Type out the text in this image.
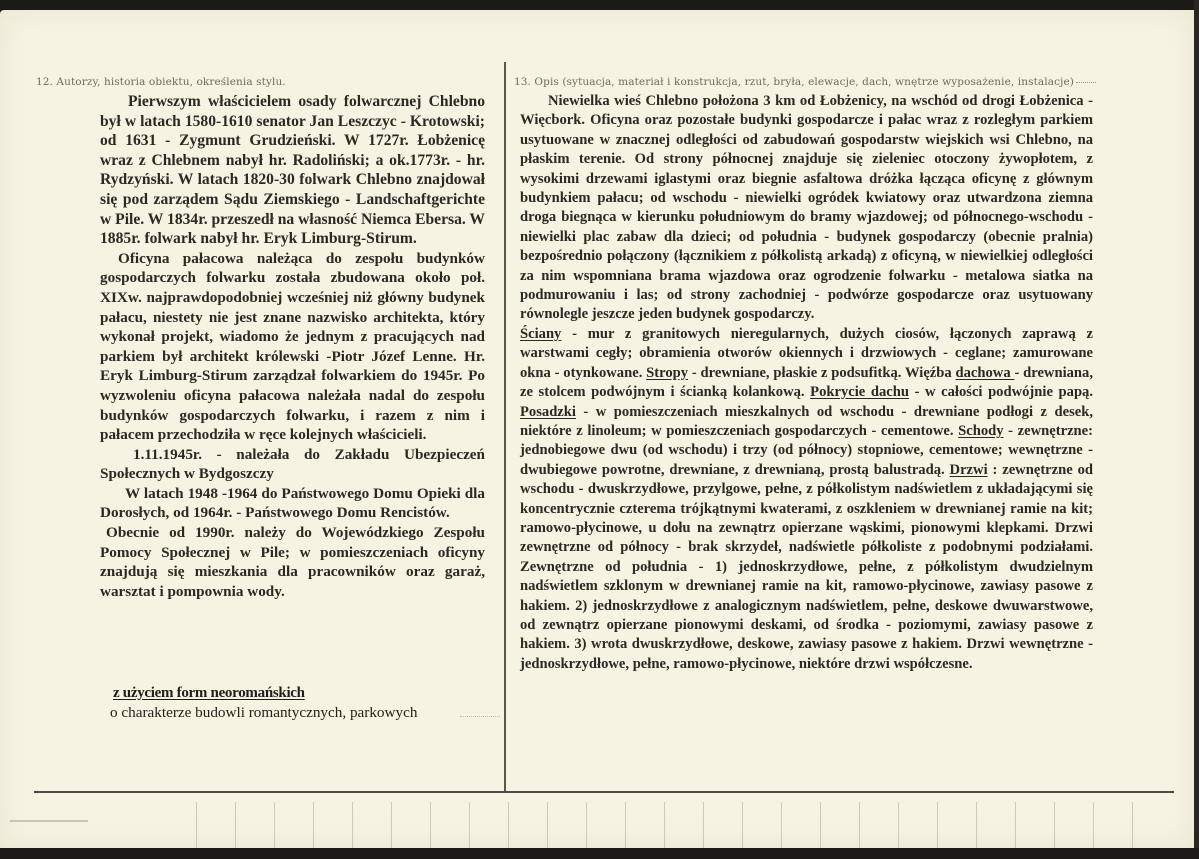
12. Autorzy, historia obiektu, określenia stylu.	13. Opis (sytuacja, materiał i konstrukcja, rzut, bryła, elewacje, dach, wnętrze wyposażenie, instalacje)

Pierwszym właścicielem osady folwarcznej Chlebno był w latach 1580-1610 senator Jan Leszczyc - Krotowski; od 1631 - Zygmunt Grudzieński. W 1727r. Łobżenicę wraz z Chlebnem nabył hr. Radoliński; a ok.1773r. - hr. Rydzyński. W latach 1820-30 folwark Chlebno znajdował się pod zarządem Sądu Ziemskiego - Landschaftgerichte w Pile. W 1834r. przeszedł na własność Niemca Ebersa. W 1885r. folwark nabył hr. Eryk Limburg-Stirum.

Oficyna pałacowa należąca do zespołu budynków gospodarczych folwarku została zbudowana około poł. XIXw. najprawdopodobniej wcześniej niż główny budynek pałacu, niestety nie jest znane nazwisko architekta, który wykonał projekt, wiadomo że jednym z pracujących nad parkiem był architekt królewski -Piotr Józef Lenne. Hr. Eryk Limburg-Stirum zarządzał folwarkiem do 1945r. Po wyzwoleniu oficyna pałacowa należała nadal do zespołu budynków gospodarczych folwarku, i razem z nim i pałacem przechodziła w ręce kolejnych właścicieli.

1.11.1945r. - należała do Zakładu Ubezpieczeń Społecznych w Bydgoszczy

W latach 1948 -1964 do Państwowego Domu Opieki dla Dorosłych, od 1964r. - Państwowego Domu Rencistów.

Obecnie od 1990r. należy do Wojewódzkiego Zespołu Pomocy Społecznej w Pile; w pomieszczeniach oficyny znajdują się mieszkania dla pracowników oraz garaż, warsztat i pompownia wody.

z użyciem form neoromańskich
o charakterze budowli romantycznych, parkowych

Niewielka wieś Chlebno położona 3 km od Łobżenicy, na wschód od drogi Łobżenica - Więcbork. Oficyna oraz pozostałe budynki gospodarcze i pałac wraz z rozległym parkiem usytuowane w znacznej odległości od zabudowań gospodarstw wiejskich wsi Chlebno, na płaskim terenie. Od strony północnej znajduje się zieleniec otoczony żywopłotem, z wysokimi drzewami iglastymi oraz biegnie asfaltowa dróżka łącząca oficynę z głównym budynkiem pałacu; od wschodu - niewielki ogródek kwiatowy oraz utwardzona ziemna droga biegnąca w kierunku południowym do bramy wjazdowej; od północnego-wschodu - niewielki plac zabaw dla dzieci; od południa - budynek gospodarczy (obecnie pralnia) bezpośrednio połączony (łącznikiem z półkolistą arkadą) z oficyną, w niewielkiej odległości za nim wspomniana brama wjazdowa oraz ogrodzenie folwarku - metalowa siatka na podmurowaniu i las; od strony zachodniej - podwórze gospodarcze oraz usytuowany równolegle jeszcze jeden budynek gospodarczy.

Ściany - mur z granitowych nieregularnych, dużych ciosów, łączonych zaprawą z warstwami cegły; obramienia otworów okiennych i drzwiowych - ceglane; zamurowane okna - otynkowane. Stropy - drewniane, płaskie z podsufitką. Więźba dachowa - drewniana, ze stolcem podwójnym i ścianką kolankową. Pokrycie dachu - w całości podwójnie papą. Posadzki - w pomieszczeniach mieszkalnych od wschodu - drewniane podłogi z desek, niektóre z linoleum; w pomieszczeniach gospodarczych - cementowe. Schody - zewnętrzne: jednobiegowe dwu (od wschodu) i trzy (od północy) stopniowe, cementowe; wewnętrzne - dwubiegowe powrotne, drewniane, z drewnianą, prostą balustradą. Drzwi : zewnętrzne od wschodu - dwuskrzydłowe, przylgowe, pełne, z półkolistym nadświetlem z układającymi się koncentrycznie czterema trójkątnymi kwaterami, z oszkleniem w drewnianej ramie na kit; ramowo-płycinowe, u dołu na zewnątrz opierzane wąskimi, pionowymi klepkami. Drzwi zewnętrzne od północy - brak skrzydeł, nadświetle półkoliste z podobnymi podziałami. Zewnętrzne od południa - 1) jednoskrzydłowe, pełne, z półkolistym dwudzielnym nadświetlem szklonym w drewnianej ramie na kit, ramowo-płycinowe, zawiasy pasowe z hakiem. 2) jednoskrzydłowe z analogicznym nadświetlem, pełne, deskowe dwuwarstwowe, od zewnątrz opierzane pionowymi deskami, od środka - poziomymi, zawiasy pasowe z hakiem. 3) wrota dwuskrzydłowe, deskowe, zawiasy pasowe z hakiem. Drzwi wewnętrzne - jednoskrzydłowe, pełne, ramowo-płycinowe, niektóre drzwi współczesne.
